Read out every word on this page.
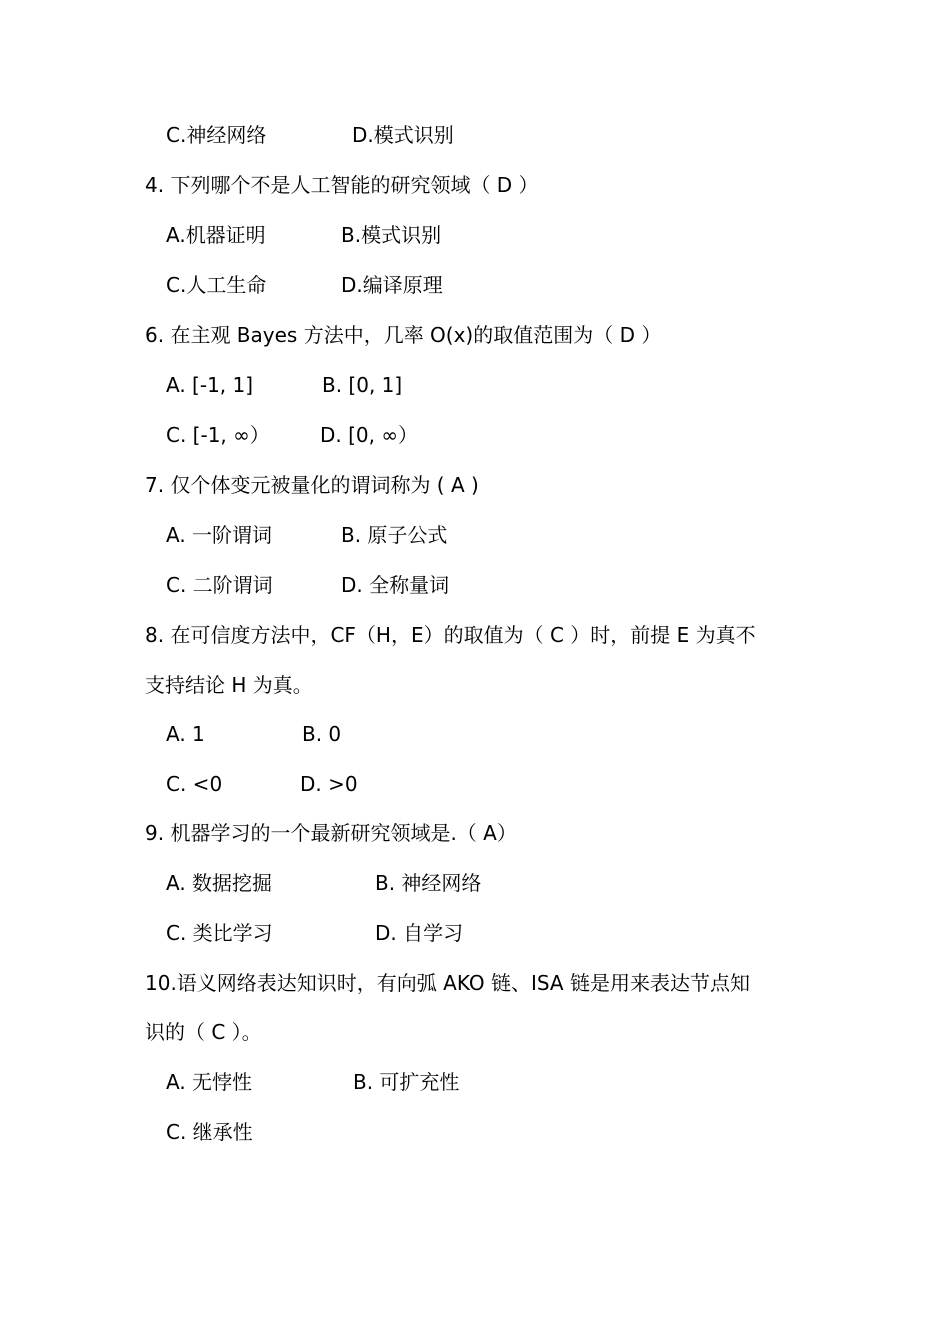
C.神经网络	D.模式识别
4. 下列哪个不是人工智能的研究领域（ D ）
A.机器证明	B.模式识别
C.人工生命	D.编译原理
6. 在主观 Bayes 方法中，几率 O(x)的取值范围为（ D ）
A. [-1, 1]	B. [0, 1]
C. [-1, ∞）	D. [0, ∞）
7. 仅个体变元被量化的谓词称为 ( A )
A. 一阶谓词	B. 原子公式
C. 二阶谓词	D. 全称量词
8. 在可信度方法中，CF（H，E）的取值为（ C ）时，前提 E 为真不
支持结论 H 为真。
A. 1	B. 0
C. <0	D. >0
9. 机器学习的一个最新研究领域是.（ A）
A. 数据挖掘	B. 神经网络
C. 类比学习	D. 自学习
10.语义网络表达知识时，有向弧 AKO 链、ISA 链是用来表达节点知
识的（ C ）。
A. 无悖性	B. 可扩充性
C. 继承性
